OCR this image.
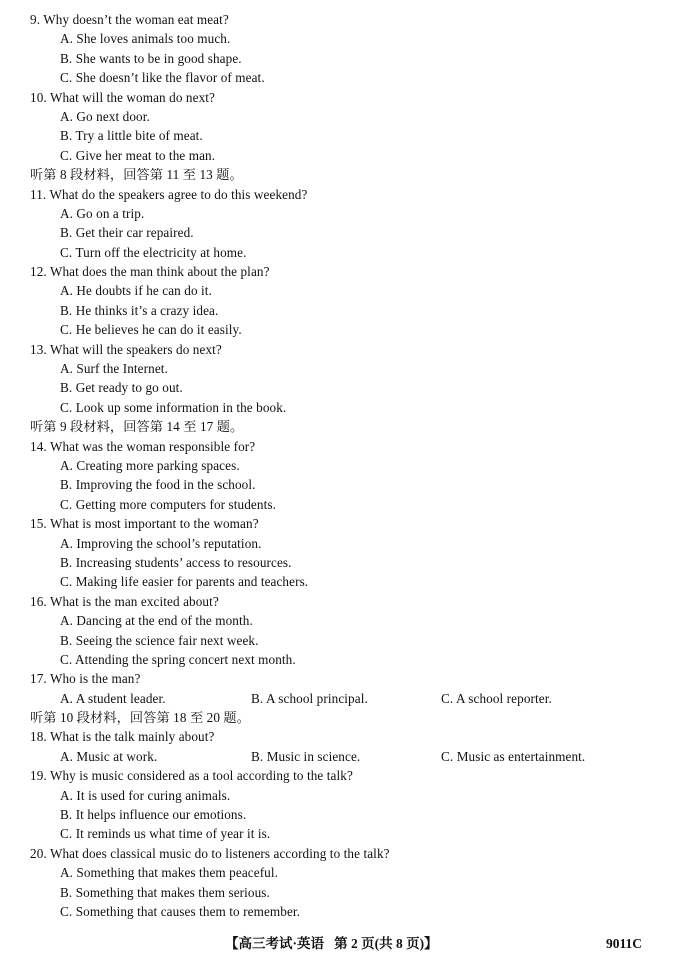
9. Why doesn’t the woman eat meat?
A. She loves animals too much.
B. She wants to be in good shape.
C. She doesn’t like the flavor of meat.
10. What will the woman do next?
A. Go next door.
B. Try a little bite of meat.
C. Give her meat to the man.
听第 8 段材料，回答第 11 至 13 题。
11. What do the speakers agree to do this weekend?
A. Go on a trip.
B. Get their car repaired.
C. Turn off the electricity at home.
12. What does the man think about the plan?
A. He doubts if he can do it.
B. He thinks it’s a crazy idea.
C. He believes he can do it easily.
13. What will the speakers do next?
A. Surf the Internet.
B. Get ready to go out.
C. Look up some information in the book.
听第 9 段材料，回答第 14 至 17 题。
14. What was the woman responsible for?
A. Creating more parking spaces.
B. Improving the food in the school.
C. Getting more computers for students.
15. What is most important to the woman?
A. Improving the school’s reputation.
B. Increasing students’ access to resources.
C. Making life easier for parents and teachers.
16. What is the man excited about?
A. Dancing at the end of the month.
B. Seeing the science fair next week.
C. Attending the spring concert next month.
17. Who is the man?
A. A student leader.	B. A school principal.	C. A school reporter.
听第 10 段材料，回答第 18 至 20 题。
18. What is the talk mainly about?
A. Music at work.	B. Music in science.	C. Music as entertainment.
19. Why is music considered as a tool according to the talk?
A. It is used for curing animals.
B. It helps influence our emotions.
C. It reminds us what time of year it is.
20. What does classical music do to listeners according to the talk?
A. Something that makes them peaceful.
B. Something that makes them serious.
C. Something that causes them to remember.
【高三考试·英语 第 2 页(共 8 页)】	9011C
